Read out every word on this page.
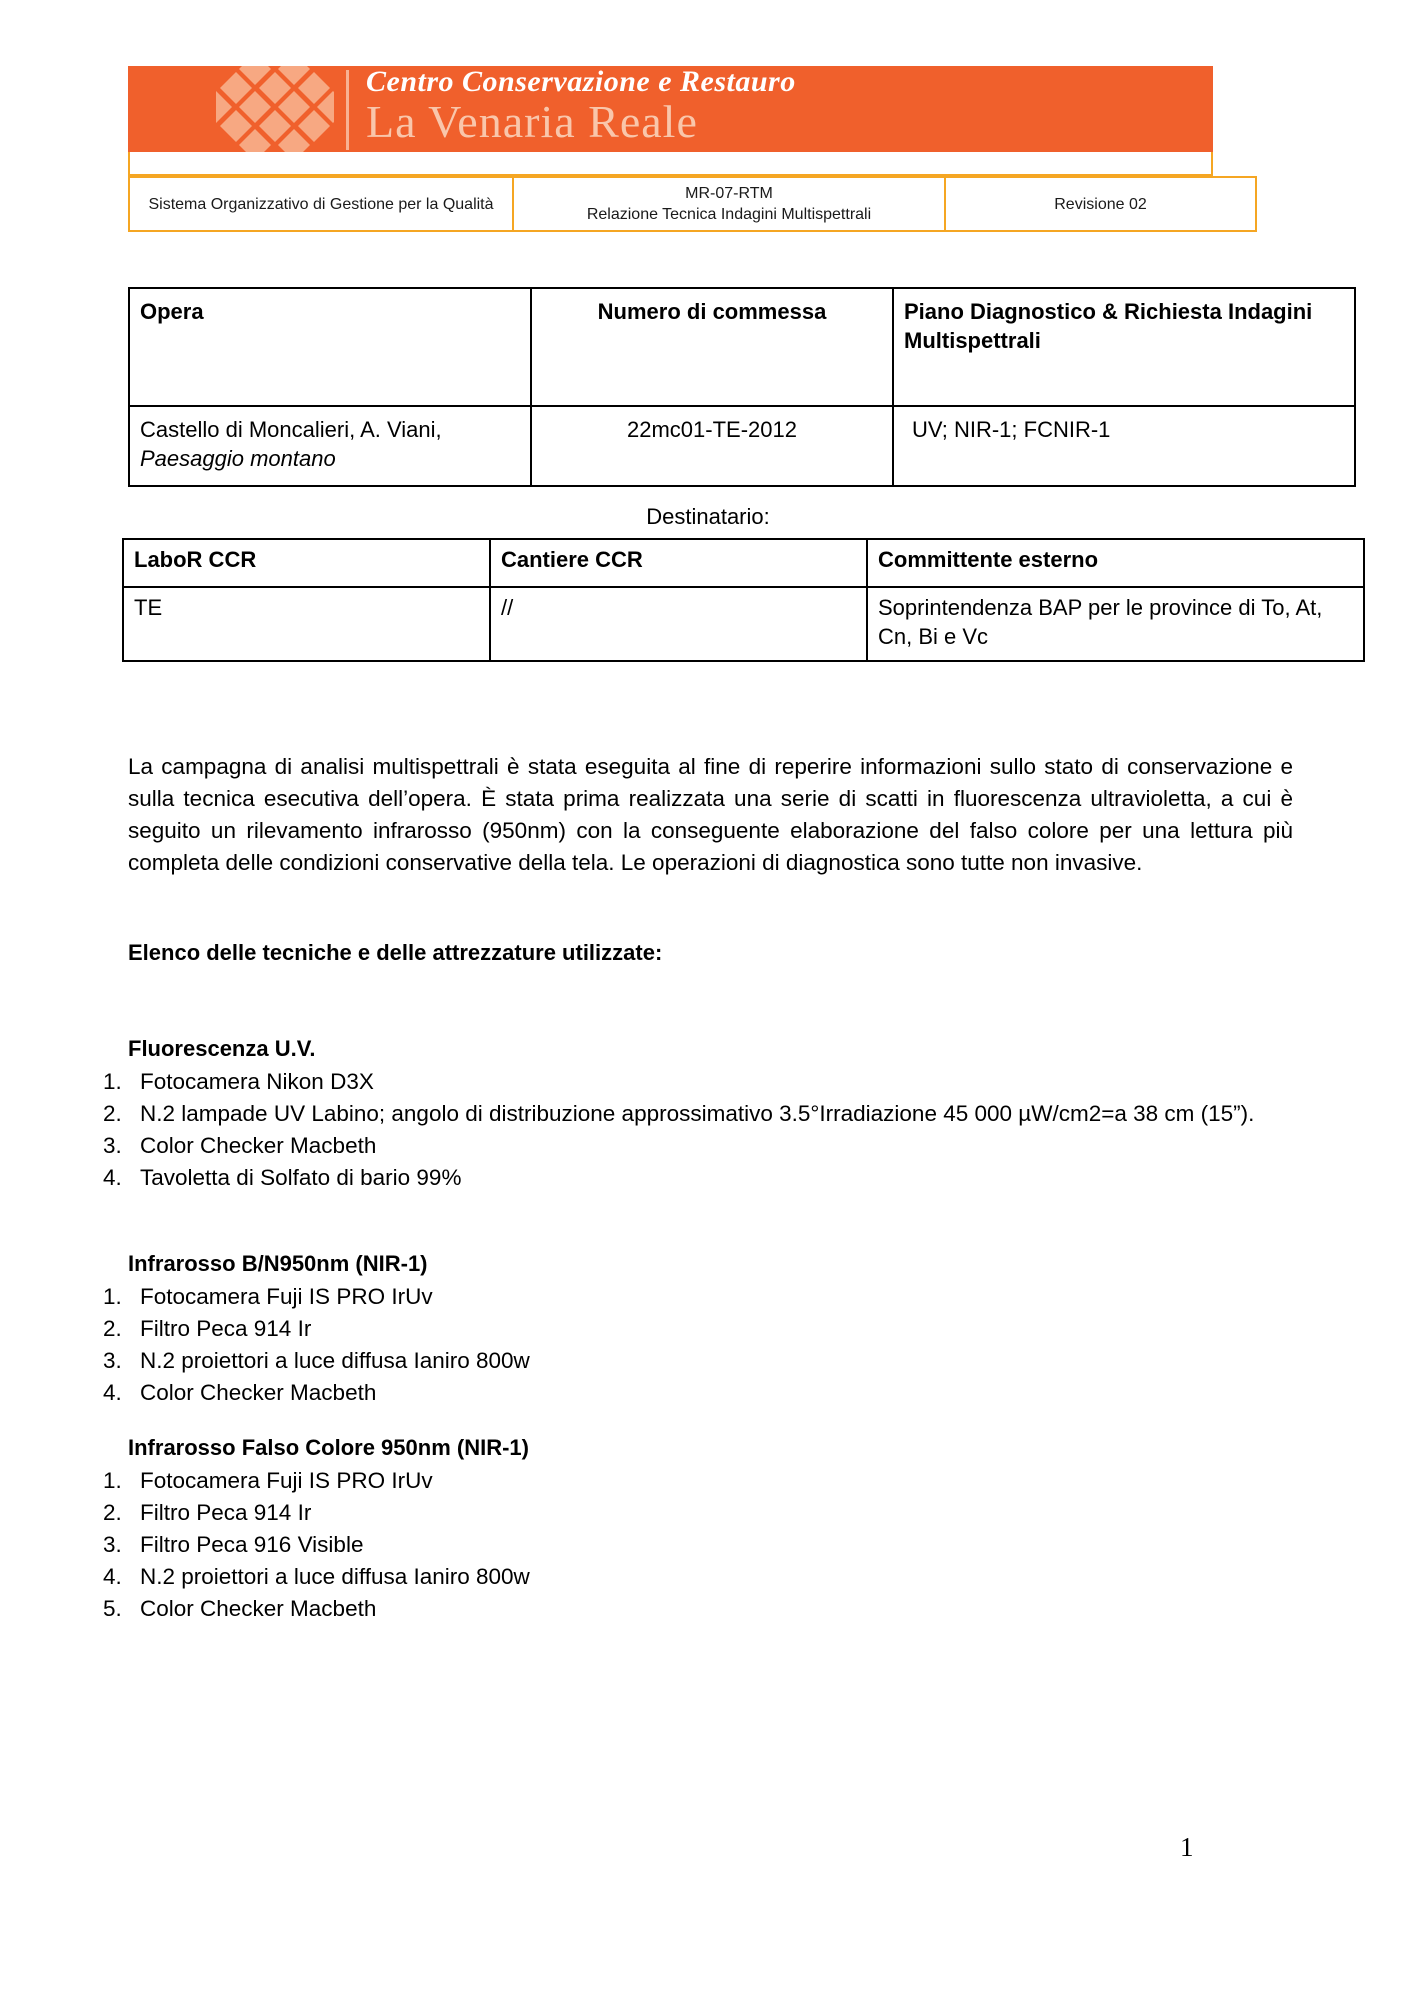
Centro Conservazione e Restauro
La Venaria Reale
Sistema Organizzativo di Gestione per la Qualità	
MR-07-RTM
Relazione Tecnica Indagini Multispettrali
	Revisione 02
Opera	Numero di commessa	Piano Diagnostico & Richiesta Indagini Multispettrali
Castello di Moncalieri, A. Viani, Paesaggio montano	22mc01-TE-2012	UV; NIR-1; FCNIR-1
Destinatario:
LaboR CCR	Cantiere CCR	Committente esterno
TE	//	Soprintendenza BAP per le province di To, At, Cn, Bi e Vc
La campagna di analisi multispettrali è stata eseguita al fine di reperire informazioni sullo stato di conservazione e sulla tecnica esecutiva dell’opera. È stata prima realizzata una serie di scatti in fluorescenza ultravioletta, a cui è seguito un rilevamento infrarosso (950nm) con la conseguente elaborazione del falso colore per una lettura più completa delle condizioni conservative della tela. Le operazioni di diagnostica sono tutte non invasive.
Elenco delle tecniche e delle attrezzature utilizzate:
Fluorescenza U.V.
1. Fotocamera Nikon D3X
2. N.2 lampade UV Labino; angolo di distribuzione approssimativo 3.5°Irradiazione 45 000 µW/cm2=a 38 cm (15”).
3. Color Checker Macbeth
4. Tavoletta di Solfato di bario 99%
Infrarosso B/N950nm (NIR-1)
1. Fotocamera Fuji IS PRO IrUv
2. Filtro Peca 914 Ir
3. N.2 proiettori a luce diffusa Ianiro 800w
4. Color Checker Macbeth
Infrarosso Falso Colore 950nm (NIR-1)
1. Fotocamera Fuji IS PRO IrUv
2. Filtro Peca 914 Ir
3. Filtro Peca 916 Visible
4. N.2 proiettori a luce diffusa Ianiro 800w
5. Color Checker Macbeth
1
